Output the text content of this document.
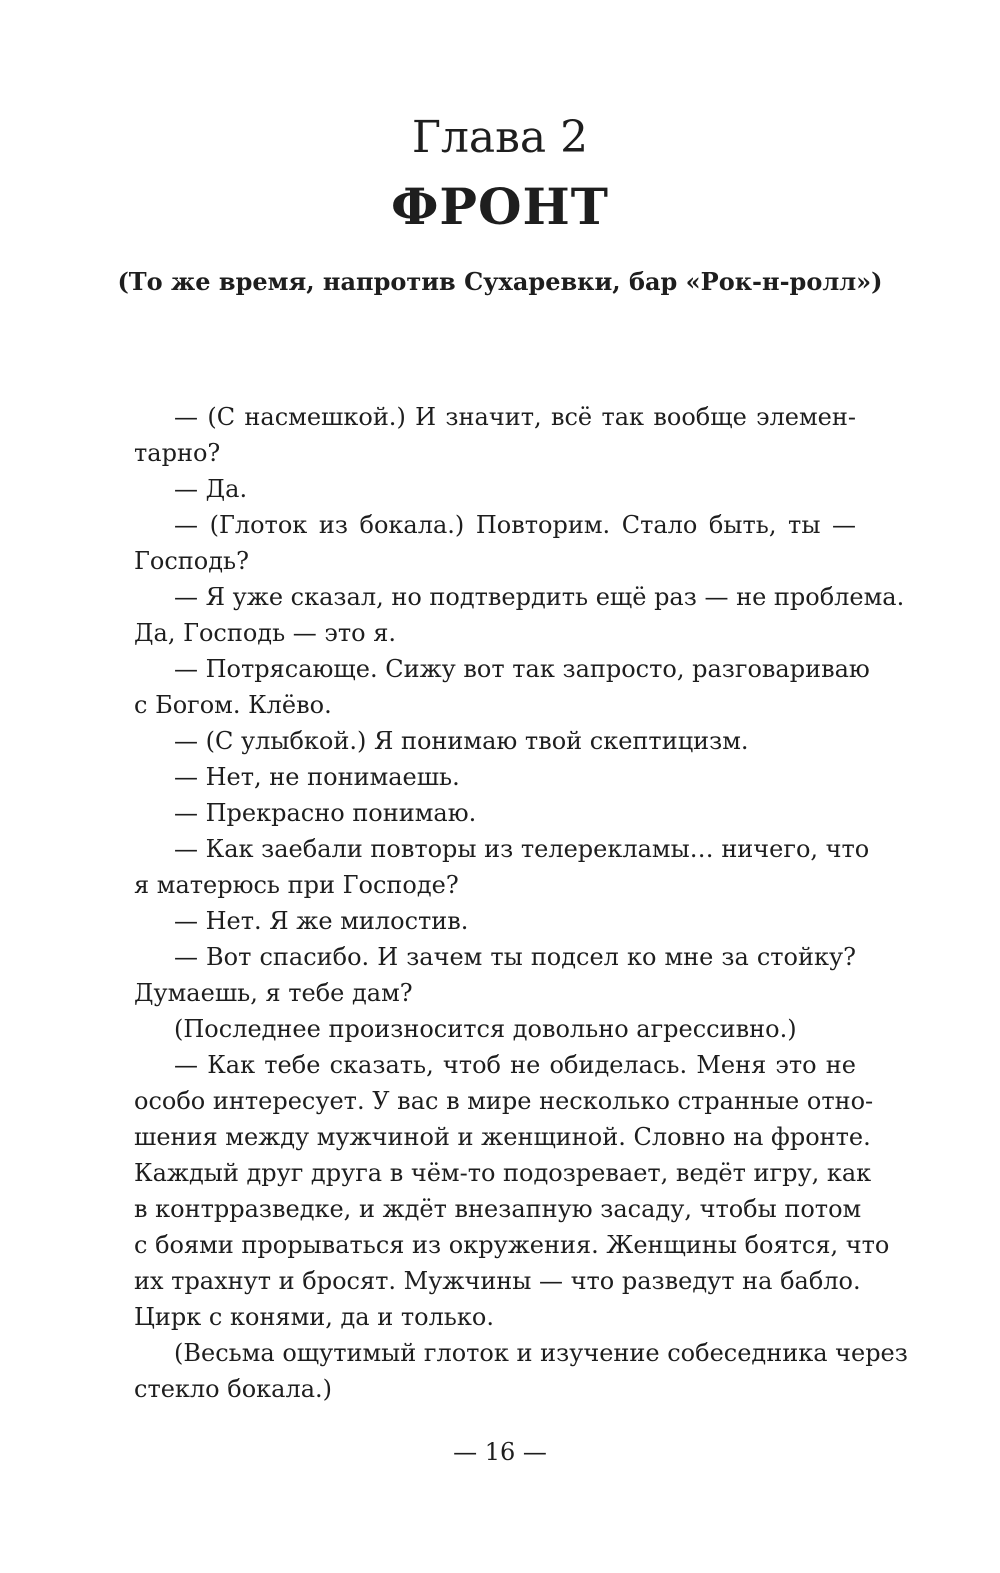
Глава 2
ФРОНТ

(То же время, напротив Сухаревки, бар «Рок-н-ролл»)

— (С насмешкой.) И значит, всё так вообще элемен-
тарно?
— Да.
— (Глоток из бокала.) Повторим. Стало быть, ты —
Господь?
— Я уже сказал, но подтвердить ещё раз — не проблема.
Да, Господь — это я.
— Потрясающе. Сижу вот так запросто, разговариваю
с Богом. Клёво.
— (С улыбкой.) Я понимаю твой скептицизм.
— Нет, не понимаешь.
— Прекрасно понимаю.
— Как заебали повторы из телерекламы… ничего, что
я матерюсь при Господе?
— Нет. Я же милостив.
— Вот спасибо. И зачем ты подсел ко мне за стойку?
Думаешь, я тебе дам?
(Последнее произносится довольно агрессивно.)
— Как тебе сказать, чтоб не обиделась. Меня это не
особо интересует. У вас в мире несколько странные отно-
шения между мужчиной и женщиной. Словно на фронте.
Каждый друг друга в чём-то подозревает, ведёт игру, как
в контрразведке, и ждёт внезапную засаду, чтобы потом
с боями прорываться из окружения. Женщины боятся, что
их трахнут и бросят. Мужчины — что разведут на бабло.
Цирк с конями, да и только.
(Весьма ощутимый глоток и изучение собеседника через
стекло бокала.)
— 16 —
